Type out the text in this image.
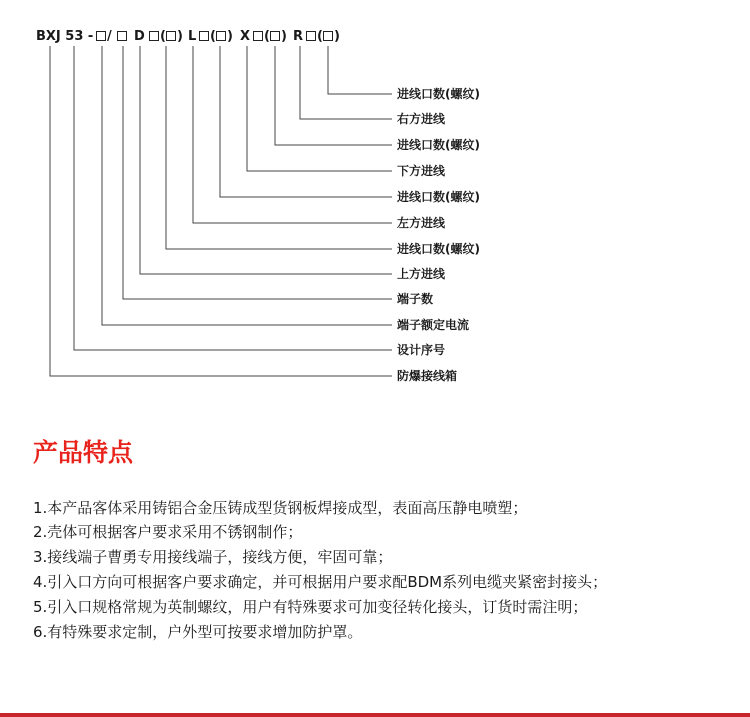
BXJ 53 - / D ( ) L ( ) X ( ) R ( )
进线口数(螺纹)
右方进线
进线口数(螺纹)
下方进线
进线口数(螺纹)
左方进线
进线口数(螺纹)
上方进线
端子数
端子额定电流
设计序号
防爆接线箱
产品特点
1.本产品客体采用铸铝合金压铸成型货钢板焊接成型，表面高压静电喷塑；
2.壳体可根据客户要求采用不锈钢制作；
3.接线端子曹勇专用接线端子，接线方便，牢固可靠；
4.引入口方向可根据客户要求确定，并可根据用户要求配BDM系列电缆夹紧密封接头；
5.引入口规格常规为英制螺纹，用户有特殊要求可加变径转化接头，订货时需注明；
6.有特殊要求定制，户外型可按要求增加防护罩。
